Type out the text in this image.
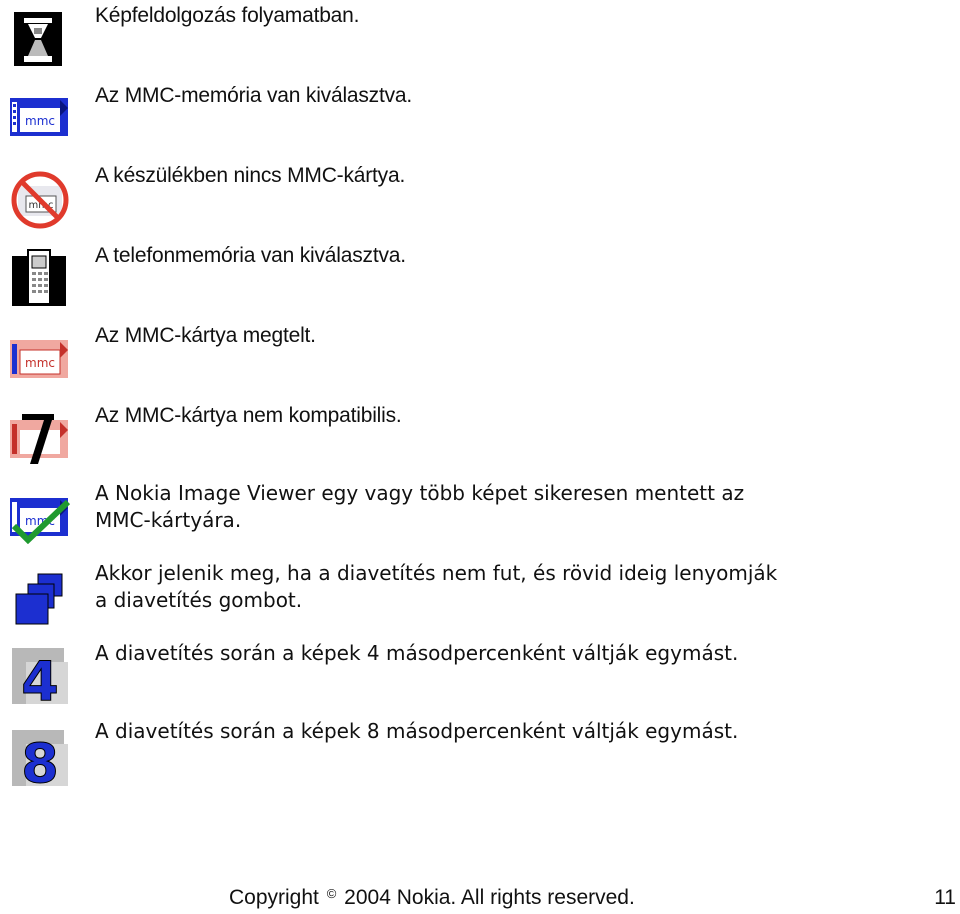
Képfeldolgozás folyamatban.
mmc
Az MMC-memória van kiválasztva.
mmc
A készülékben nincs MMC-kártya.
A telefonmemória van kiválasztva.
mmc
Az MMC-kártya megtelt.
Az MMC-kártya nem kompatibilis.
mmc
A Nokia Image Viewer egy vagy több képet sikeresen mentett az MMC-kártyára.
Akkor jelenik meg, ha a diavetítés nem fut, és rövid ideig lenyomják a diavetítés gombot.
4 A diavetítés során a képek 4 másodpercenként váltják egymást.
8
A diavetítés során a képek 8 másodpercenként váltják egymást.
Copyright © 2004 Nokia. All rights reserved.	11
